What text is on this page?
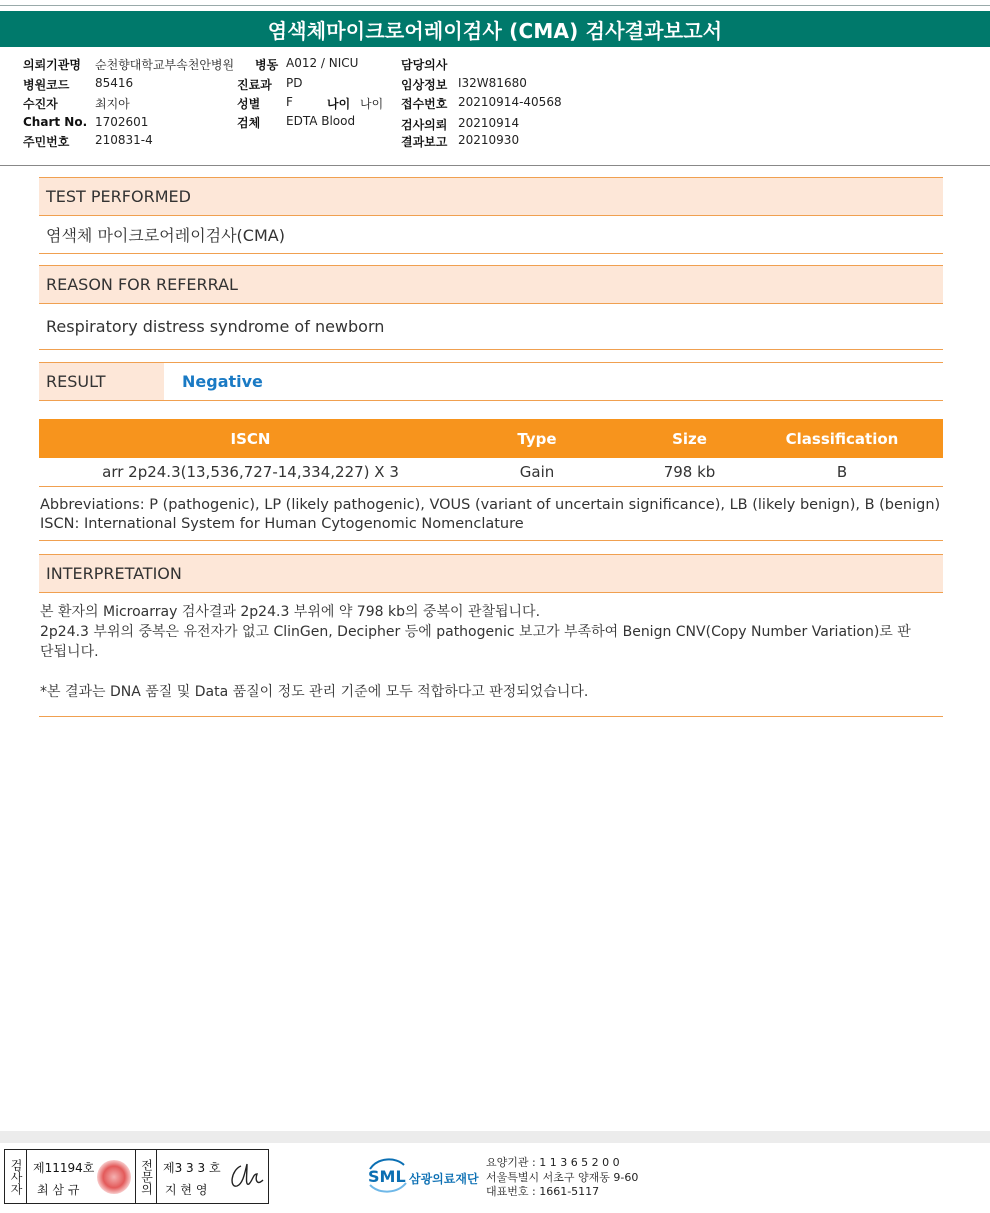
염색체마이크로어레이검사 (CMA) 검사결과보고서
의뢰기관명 순천향대학교부속천안병원
병원코드 85416
수진자	최지아
Chart No. 1702601
주민번호 210831-4
병동 A012 / NICU
진료과 PD
성별 F	나이 나이
검체 EDTA Blood
담당의사
임상정보 I32W81680
접수번호 20210914-40568
검사의뢰 20210914
결과보고 20210930
TEST PERFORMED
염색체 마이크로어레이검사(CMA)
REASON FOR REFERRAL
Respiratory distress syndrome of newborn
RESULT	Negative
ISCN	Type	Size	Classification
arr 2p24.3(13,536,727-14,334,227) X 3	Gain	798 kb	B
Abbreviations: P (pathogenic), LP (likely pathogenic), VOUS (variant of uncertain significance), LB (likely benign), B (benign)
ISCN: International System for Human Cytogenomic Nomenclature
INTERPRETATION

본 환자의 Microarray 검사결과 2p24.3 부위에 약 798 kb의 중복이 관찰됩니다.

2p24.3 부위의 중복은 유전자가 없고 ClinGen, Decipher 등에 pathogenic 보고가 부족하여 Benign CNV(Copy Number Variation)로 판단됩니다.

*본 결과는 DNA 품질 및 Data 품질이 정도 관리 기준에 모두 적합하다고 판정되었습니다.

검사자 제11194호
최 삼 규	전문의 제3 3 3 호
지 현 영
SML 삼광의료재단
요양기관 : 1 1 3 6 5 2 0 0
서울특별시 서초구 양재동 9-60
대표번호 : 1661-5117
